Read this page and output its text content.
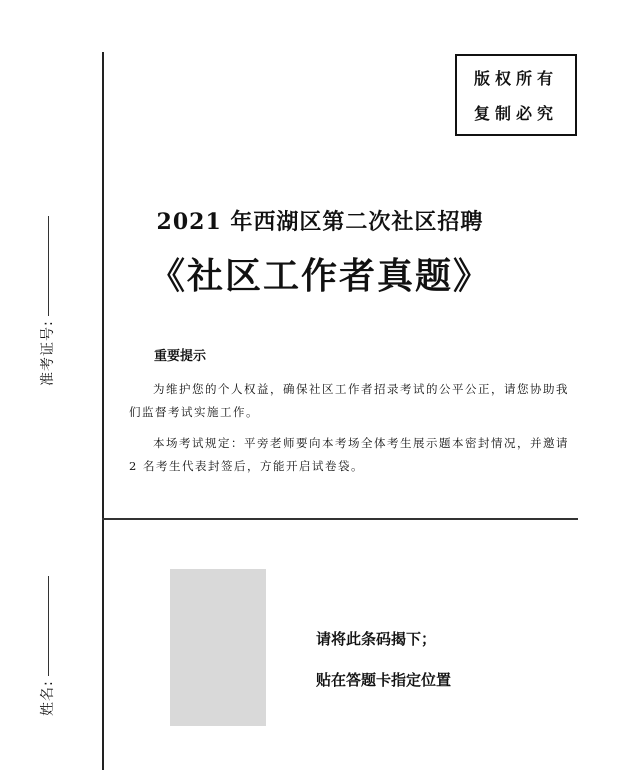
准考证号:
姓名:
版权所有
复制必究
2021 年西湖区第二次社区招聘
《社区工作者真题》
重要提示
为维护您的个人权益，确保社区工作者招录考试的公平公正，请您协助我们监督考试实施工作。
本场考试规定：平旁老师要向本考场全体考生展示题本密封情况，并邀请 2 名考生代表封签后，方能开启试卷袋。
请将此条码揭下；
贴在答题卡指定位置
